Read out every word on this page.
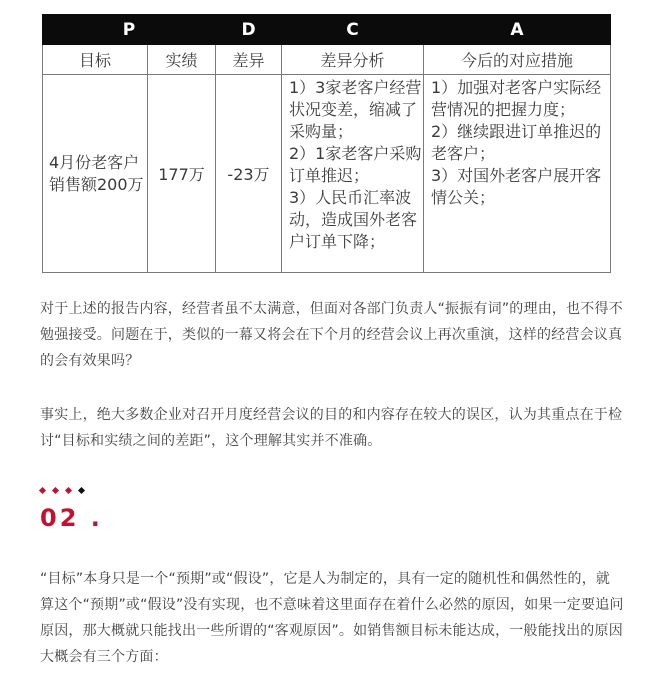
P		D	C	A
目标	实绩	差异	差异分析	今后的对应措施
4月份老客户销售额200万	177万	-23万	1）3家老客户经营状况变差，缩减了采购量；
2）1家老客户采购订单推迟；
3）人民币汇率波动，造成国外老客户订单下降；	1）加强对老客户实际经营情况的把握力度；
2）继续跟进订单推迟的老客户；
3）对国外老客户展开客情公关；

对于上述的报告内容，经营者虽不太满意，但面对各部门负责人“振振有词”的理由，也不得不勉强接受。问题在于，类似的一幕又将会在下个月的经营会议上再次重演，这样的经营会议真的会有效果吗？

事实上，绝大多数企业对召开月度经营会议的目的和内容存在较大的误区，认为其重点在于检讨“目标和实绩之间的差距”，这个理解其实并不准确。

02 .

“目标”本身只是一个“预期”或“假设”，它是人为制定的，具有一定的随机性和偶然性的，就算这个“预期”或“假设”没有实现，也不意味着这里面存在着什么必然的原因，如果一定要追问原因，那大概就只能找出一些所谓的“客观原因”。如销售额目标未能达成，一般能找出的原因大概会有三个方面：
